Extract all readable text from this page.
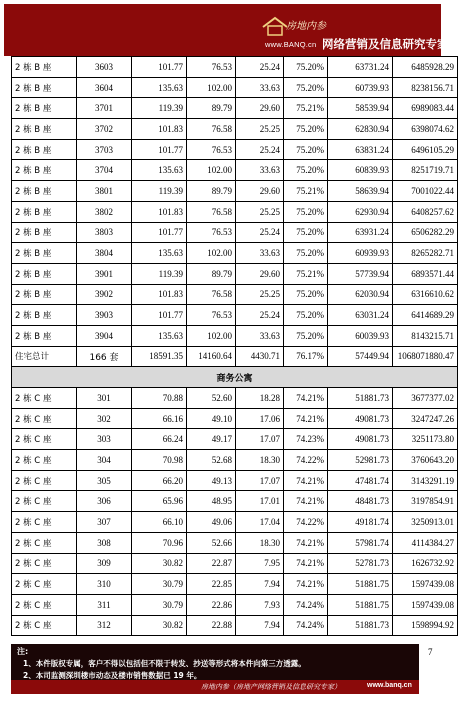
房地内参
www.BANQ.cn 网络营销及信息研究专家
2 栋 B 座	3603	101.77	76.53	25.24	75.20%	63731.24	6485928.29
2 栋 B 座	3604	135.63	102.00	33.63	75.20%	60739.93	8238156.71
2 栋 B 座	3701	119.39	89.79	29.60	75.21%	58539.94	6989083.44
2 栋 B 座	3702	101.83	76.58	25.25	75.20%	62830.94	6398074.62
2 栋 B 座	3703	101.77	76.53	25.24	75.20%	63831.24	6496105.29
2 栋 B 座	3704	135.63	102.00	33.63	75.20%	60839.93	8251719.71
2 栋 B 座	3801	119.39	89.79	29.60	75.21%	58639.94	7001022.44
2 栋 B 座	3802	101.83	76.58	25.25	75.20%	62930.94	6408257.62
2 栋 B 座	3803	101.77	76.53	25.24	75.20%	63931.24	6506282.29
2 栋 B 座	3804	135.63	102.00	33.63	75.20%	60939.93	8265282.71
2 栋 B 座	3901	119.39	89.79	29.60	75.21%	57739.94	6893571.44
2 栋 B 座	3902	101.83	76.58	25.25	75.20%	62030.94	6316610.62
2 栋 B 座	3903	101.77	76.53	25.24	75.20%	63031.24	6414689.29
2 栋 B 座	3904	135.63	102.00	33.63	75.20%	60039.93	8143215.71
住宅总计	166 套	18591.35	14160.64	4430.71	76.17%	57449.94	1068071880.47
商务公寓							
2 栋 C 座	301	70.88	52.60	18.28	74.21%	51881.73	3677377.02
2 栋 C 座	302	66.16	49.10	17.06	74.21%	49081.73	3247247.26
2 栋 C 座	303	66.24	49.17	17.07	74.23%	49081.73	3251173.80
2 栋 C 座	304	70.98	52.68	18.30	74.22%	52981.73	3760643.20
2 栋 C 座	305	66.20	49.13	17.07	74.21%	47481.74	3143291.19
2 栋 C 座	306	65.96	48.95	17.01	74.21%	48481.73	3197854.91
2 栋 C 座	307	66.10	49.06	17.04	74.22%	49181.74	3250913.01
2 栋 C 座	308	70.96	52.66	18.30	74.21%	57981.74	4114384.27
2 栋 C 座	309	30.82	22.87	7.95	74.21%	52781.73	1626732.92
2 栋 C 座	310	30.79	22.85	7.94	74.21%	51881.75	1597439.08
2 栋 C 座	311	30.79	22.86	7.93	74.24%	51881.75	1597439.08
2 栋 C 座	312	30.82	22.88	7.94	74.24%	51881.73	1598994.92
7
注:
1、本件版权专属，客户不得以包括但不限于转发、抄送等形式将本件向第三方透露。
2、本司监测深圳楼市动态及楼市销售数据已 19 年。
房地内参（房地产网络营销及信息研究专家）	www.banq.cn
